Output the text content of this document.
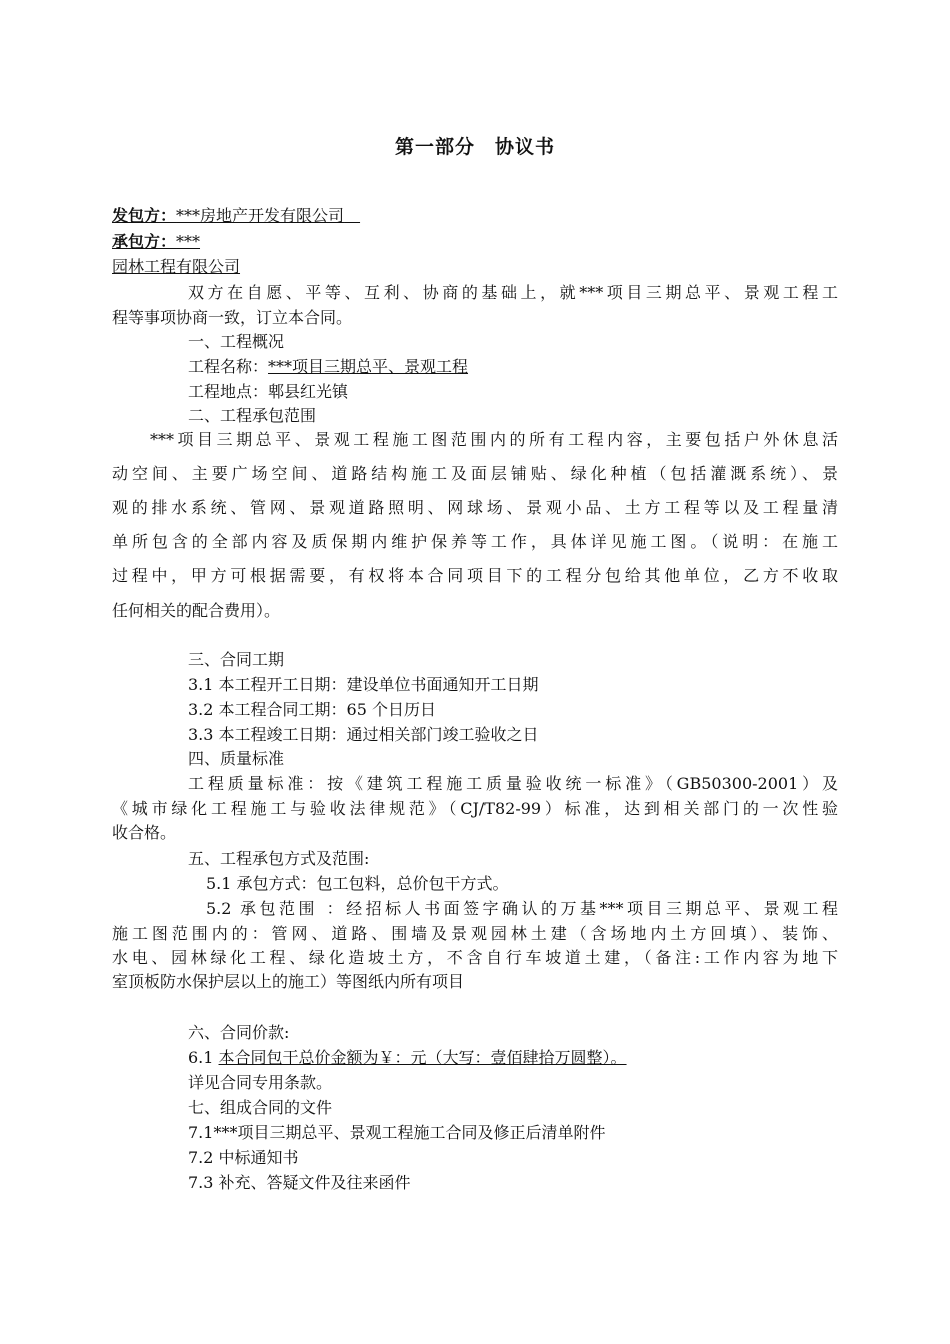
第一部分　协议书
发包方：***房地产开发有限公司　
承包方：***
园林工程有限公司
双方在自愿、平等、互利、协商的基础上，就***项目三期总平、景观工程工
程等事项协商一致，订立本合同。
一、工程概况
工程名称：***项目三期总平、景观工程
工程地点：郫县红光镇
二、工程承包范围
***项目三期总平、景观工程施工图范围内的所有工程内容，主要包括户外休息活
动空间、主要广场空间、道路结构施工及面层铺贴、绿化种植（包括灌溉系统）、景
观的排水系统、管网、景观道路照明、网球场、景观小品、土方工程等以及工程量清
单所包含的全部内容及质保期内维护保养等工作，具体详见施工图。（说明：在施工
过程中，甲方可根据需要，有权将本合同项目下的工程分包给其他单位，乙方不收取
任何相关的配合费用）。
三、合同工期
3.1 本工程开工日期：建设单位书面通知开工日期
3.2 本工程合同工期：65 个日历日
3.3 本工程竣工日期：通过相关部门竣工验收之日
四、质量标准
工程质量标准：按《建筑工程施工质量验收统一标准》（GB50300-2001）及
《城市绿化工程施工与验收法律规范》（CJ/T82-99）标准，达到相关部门的一次性验
收合格。
五、工程承包方式及范围:
5.1 承包方式：包工包料，总价包干方式。
5.2 承包范围 ：经招标人书面签字确认的万基***项目三期总平、景观工程
施工图范围内的：管网、道路、围墙及景观园林土建（含场地内土方回填）、装饰、
水电、园林绿化工程、绿化造坡土方，不含自行车坡道土建，（备注:工作内容为地下
室顶板防水保护层以上的施工）等图纸内所有项目
六、合同价款:
6.1 本合同包干总价金额为￥：元（大写：壹佰肆拾万圆整）。
详见合同专用条款。
七、组成合同的文件
7.1***项目三期总平、景观工程施工合同及修正后清单附件
7.2 中标通知书
7.3 补充、答疑文件及往来函件
